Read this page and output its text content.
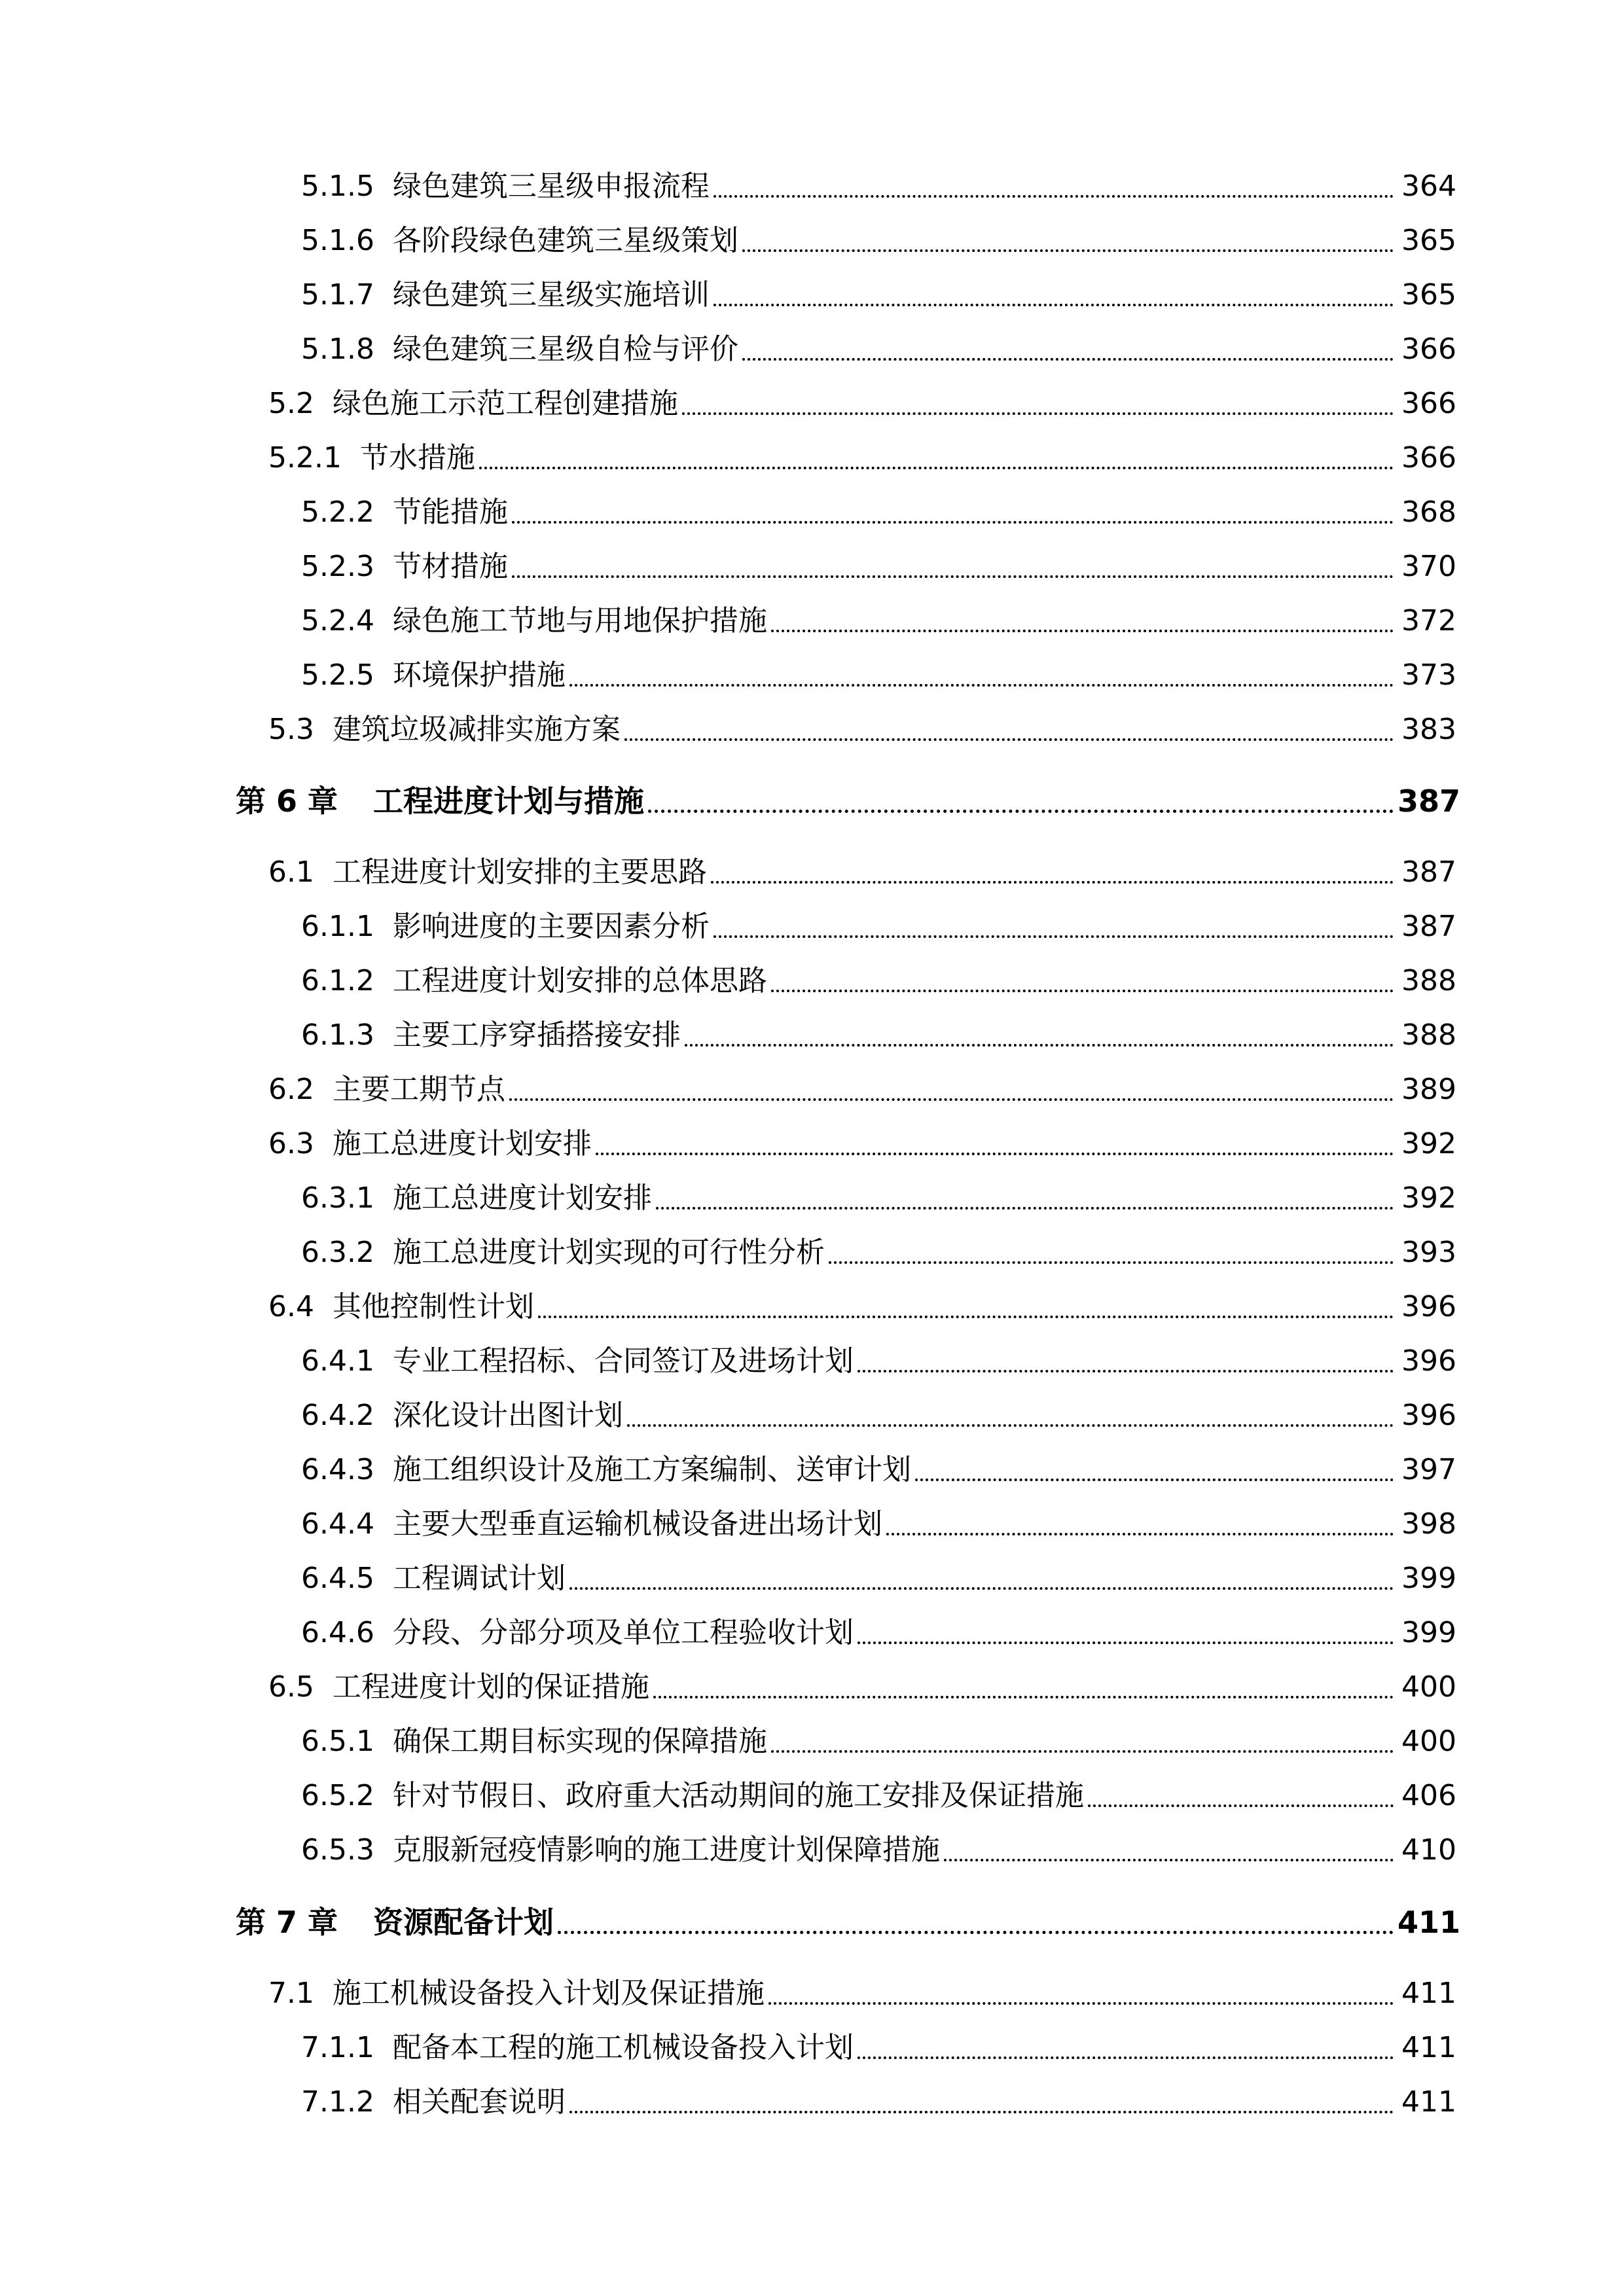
5.1.5 绿色建筑三星级申报流程	364
5.1.6 各阶段绿色建筑三星级策划	365
5.1.7 绿色建筑三星级实施培训	365
5.1.8 绿色建筑三星级自检与评价	366
5.2 绿色施工示范工程创建措施	366
5.2.1 节水措施	366
5.2.2 节能措施	368
5.2.3 节材措施	370
5.2.4 绿色施工节地与用地保护措施	372
5.2.5 环境保护措施	373
5.3 建筑垃圾减排实施方案	383
第 6 章	工程进度计划与措施	387
6.1 工程进度计划安排的主要思路	387
6.1.1 影响进度的主要因素分析	387
6.1.2 工程进度计划安排的总体思路	388
6.1.3 主要工序穿插搭接安排	388
6.2 主要工期节点	389
6.3 施工总进度计划安排	392
6.3.1 施工总进度计划安排	392
6.3.2 施工总进度计划实现的可行性分析	393
6.4 其他控制性计划	396
6.4.1 专业工程招标、合同签订及进场计划	396
6.4.2 深化设计出图计划	396
6.4.3 施工组织设计及施工方案编制、送审计划	397
6.4.4 主要大型垂直运输机械设备进出场计划	398
6.4.5 工程调试计划	399
6.4.6 分段、分部分项及单位工程验收计划	399
6.5 工程进度计划的保证措施	400
6.5.1 确保工期目标实现的保障措施	400
6.5.2 针对节假日、政府重大活动期间的施工安排及保证措施	406
6.5.3 克服新冠疫情影响的施工进度计划保障措施	410
第 7 章	资源配备计划	411
7.1 施工机械设备投入计划及保证措施	411
7.1.1 配备本工程的施工机械设备投入计划	411
7.1.2 相关配套说明	411
